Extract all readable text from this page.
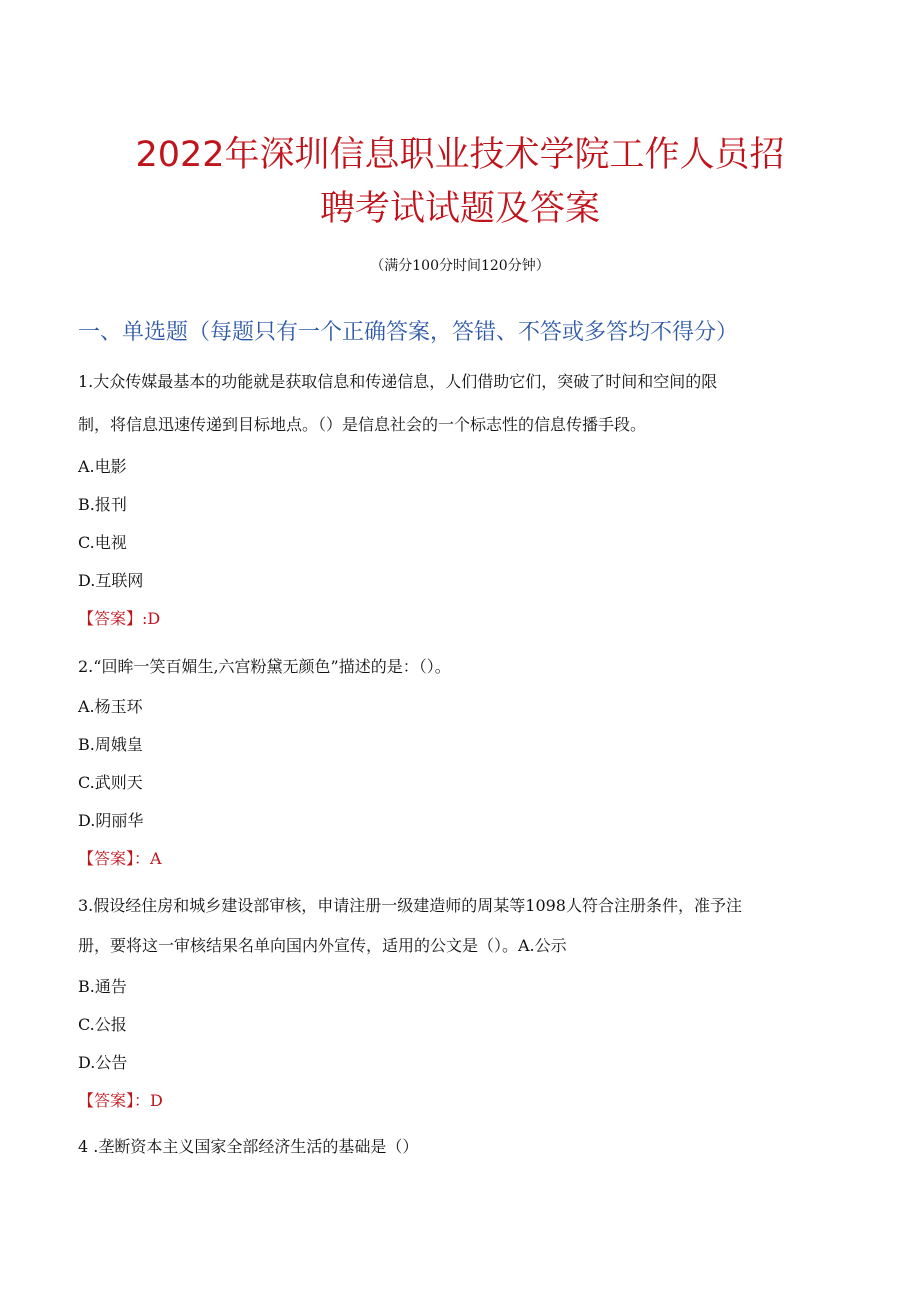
2022年深圳信息职业技术学院工作人员招
聘考试试题及答案
（满分100分时间120分钟）
一、单选题（每题只有一个正确答案，答错、不答或多答均不得分）
1.大众传媒最基本的功能就是获取信息和传递信息，人们借助它们，突破了时间和空间的限
制，将信息迅速传递到目标地点。（）是信息社会的一个标志性的信息传播手段。
A.电影
B.报刊
C.电视
D.互联网
【答案】:D
2.“回眸一笑百媚生,六宫粉黛无颜色”描述的是：（）。
A.杨玉环
B.周娥皇
C.武则天
D.阴丽华
【答案】：A
3.假设经住房和城乡建设部审核，申请注册一级建造师的周某等1098人符合注册条件，准予注
册，要将这一审核结果名单向国内外宣传，适用的公文是（）。A.公示
B.通告
C.公报
D.公告
【答案】：D
4 .垄断资本主义国家全部经济生活的基础是（）
